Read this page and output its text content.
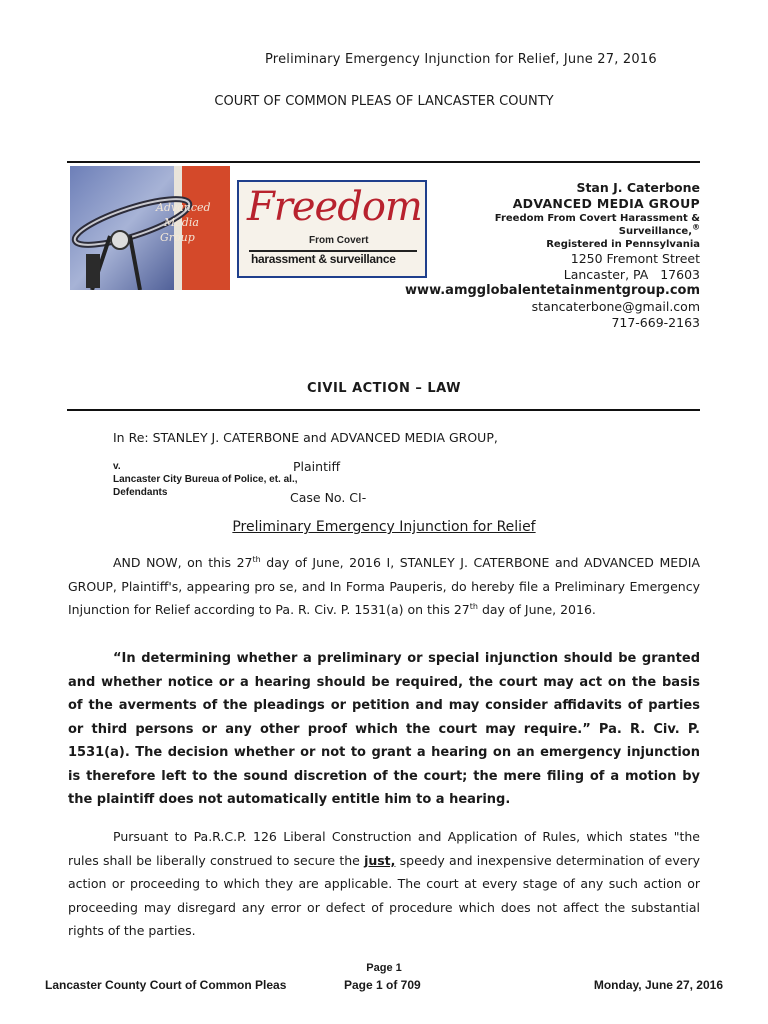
Preliminary Emergency Injunction for Relief, June 27, 2016
COURT OF COMMON PLEAS OF LANCASTER COUNTY
Advanced
Media
Group
Freedom
From Covert
harassment & surveillance
Stan J. Caterbone
ADVANCED MEDIA GROUP
Freedom From Covert Harassment &
Surveillance,®
Registered in Pennsylvania
1250 Fremont Street
Lancaster, PA   17603
www.amgglobalentetainmentgroup.com
stancaterbone@gmail.com
717-669-2163
CIVIL ACTION – LAW
In Re: STANLEY J. CATERBONE and ADVANCED MEDIA GROUP,
v.	Plaintiff
Lancaster City Bureua of Police, et. al.,
Defendants	Case No. CI-
Preliminary Emergency Injunction for Relief
AND NOW, on this 27th day of June, 2016 I, STANLEY J. CATERBONE and ADVANCED MEDIA GROUP, Plaintiff's, appearing pro se, and In Forma Pauperis, do hereby file a Preliminary Emergency Injunction for Relief according to Pa. R. Civ. P. 1531(a) on this 27th day of June, 2016.
“In determining whether a preliminary or special injunction should be granted and whether notice or a hearing should be required, the court may act on the basis of the averments of the pleadings or petition and may consider affidavits of parties or third persons or any other proof which the court may require.” Pa. R. Civ. P. 1531(a). The decision whether or not to grant a hearing on an emergency injunction is therefore left to the sound discretion of the court; the mere filing of a motion by the plaintiff does not automatically entitle him to a hearing.
Pursuant to Pa.R.C.P. 126 Liberal Construction and Application of Rules, which states "the rules shall be liberally construed to secure the just, speedy and inexpensive determination of every action or proceeding to which they are applicable. The court at every stage of any such action or proceeding may disregard any error or defect of procedure which does not affect the substantial rights of the parties.
Page 1
Lancaster County Court of Common Pleas	Page 1 of 709	Monday, June 27, 2016
